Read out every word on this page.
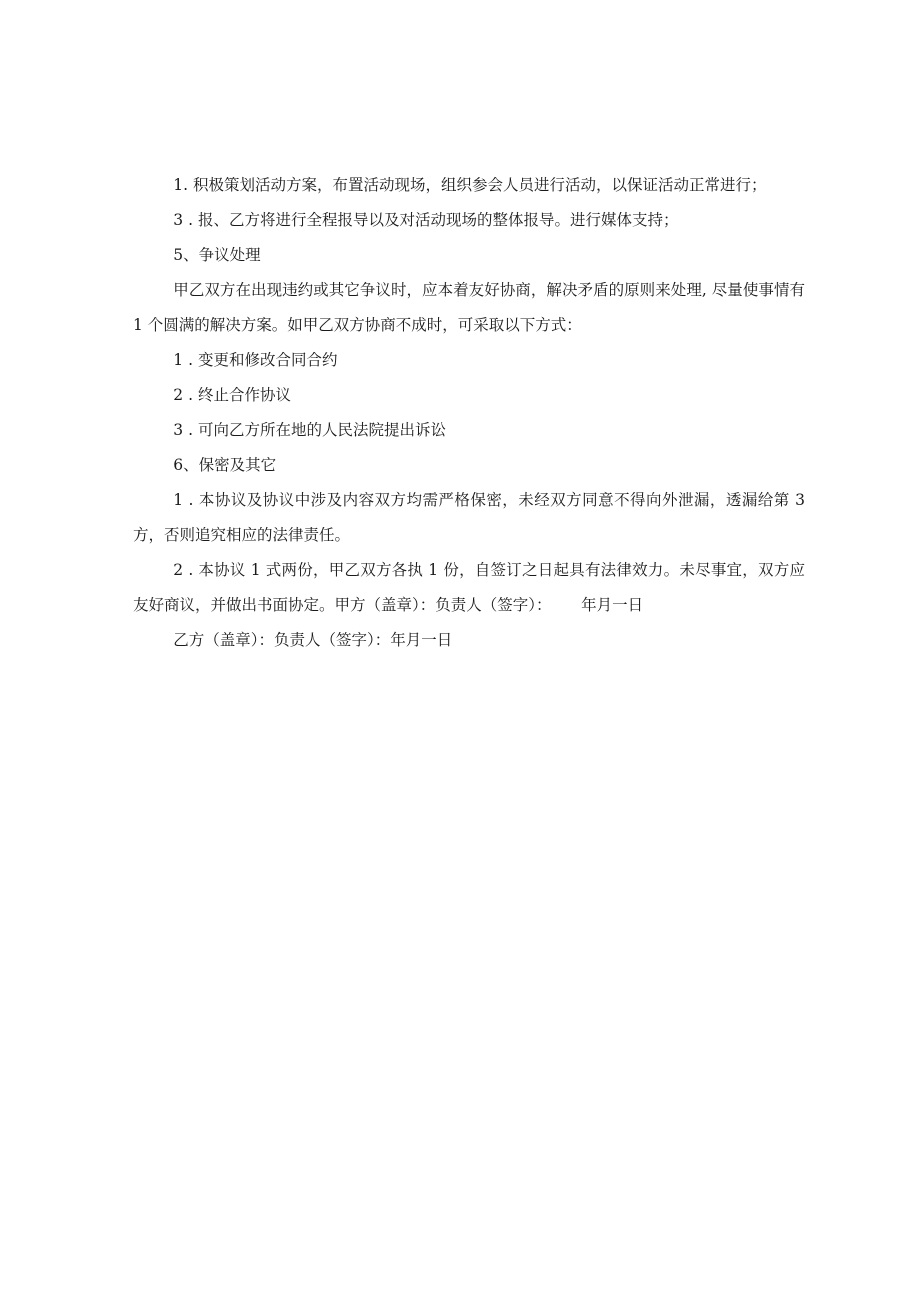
1. 积极策划活动方案，布置活动现场，组织参会人员进行活动，以保证活动正常进行；

3 . 报、乙方将进行全程报导以及对活动现场的整体报导。进行媒体支持；

5、争议处理

甲乙双方在出现违约或其它争议时，应本着友好协商，解决矛盾的原则来处理, 尽量使事情有 1 个圆满的解决方案。如甲乙双方协商不成时，可采取以下方式：

1 . 变更和修改合同合约

2 . 终止合作协议

3 . 可向乙方所在地的人民法院提出诉讼

6、保密及其它

1 . 本协议及协议中涉及内容双方均需严格保密，未经双方同意不得向外泄漏，透漏给第 3 方，否则追究相应的法律责任。

2 . 本协议 1 式两份，甲乙双方各执 1 份，自签订之日起具有法律效力。未尽事宜，双方应友好商议，并做出书面协定。甲方（盖章）：负责人（签字）：      年月一日

乙方（盖章）：负责人（签字）：年月一日
